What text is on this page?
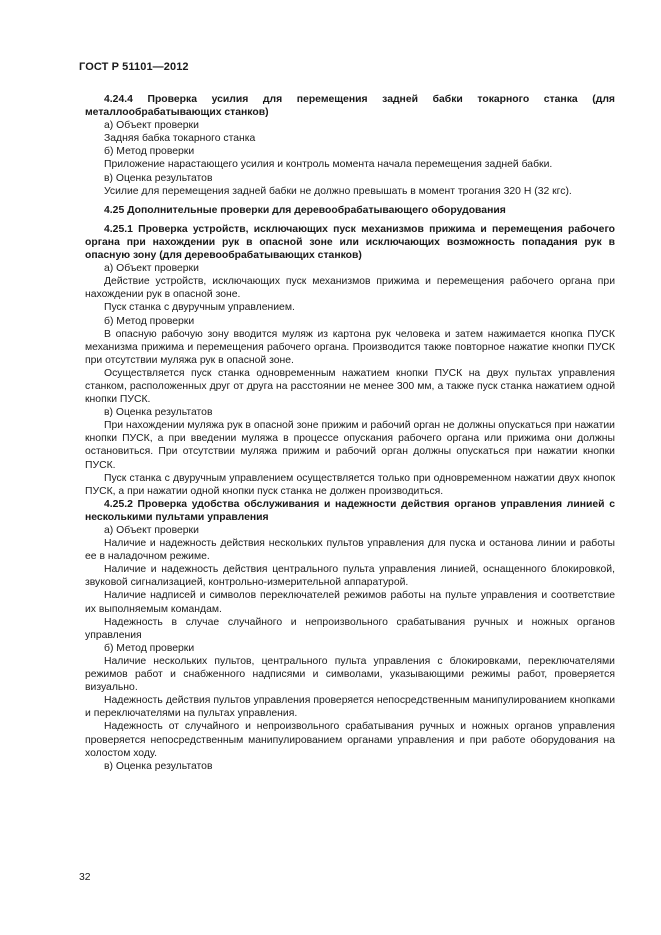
ГОСТ Р 51101—2012

4.24.4 Проверка усилия для перемещения задней бабки токарного станка (для металлообрабатывающих станков)

а) Объект проверки

Задняя бабка токарного станка

б) Метод проверки

Приложение нарастающего усилия и контроль момента начала перемещения задней бабки.

в) Оценка результатов

Усилие для перемещения задней бабки не должно превышать в момент трогания 320 Н (32 кгс).

4.25 Дополнительные проверки для деревообрабатывающего оборудования

4.25.1 Проверка устройств, исключающих пуск механизмов прижима и перемещения рабочего органа при нахождении рук в опасной зоне или исключающих возможность попадания рук в опасную зону (для деревообрабатывающих станков)

а) Объект проверки

Действие устройств, исключающих пуск механизмов прижима и перемещения рабочего органа при нахождении рук в опасной зоне.

Пуск станка с двуручным управлением.

б) Метод проверки

В опасную рабочую зону вводится муляж из картона рук человека и затем нажимается кнопка ПУСК механизма прижима и перемещения рабочего органа. Производится также повторное нажатие кнопки ПУСК при отсутствии муляжа рук в опасной зоне.

Осуществляется пуск станка одновременным нажатием кнопки ПУСК на двух пультах управления станком, расположенных друг от друга на расстоянии не менее 300 мм, а также пуск станка нажатием одной кнопки ПУСК.

в) Оценка результатов

При нахождении муляжа рук в опасной зоне прижим и рабочий орган не должны опускаться при нажатии кнопки ПУСК, а при введении муляжа в процессе опускания рабочего органа или прижима они должны остановиться. При отсутствии муляжа прижим и рабочий орган должны опускаться при нажатии кнопки ПУСК.

Пуск станка с двуручным управлением осуществляется только при одновременном нажатии двух кнопок ПУСК, а при нажатии одной кнопки пуск станка не должен производиться.

4.25.2 Проверка удобства обслуживания и надежности действия органов управления линией с несколькими пультами управления

а) Объект проверки

Наличие и надежность действия нескольких пультов управления для пуска и останова линии и работы ее в наладочном режиме.

Наличие и надежность действия центрального пульта управления линией, оснащенного блокировкой, звуковой сигнализацией, контрольно-измерительной аппаратурой.

Наличие надписей и символов переключателей режимов работы на пульте управления и соответствие их выполняемым командам.

Надежность в случае случайного и непроизвольного срабатывания ручных и ножных органов управления

б) Метод проверки

Наличие нескольких пультов, центрального пульта управления с блокировками, переключателями режимов работ и снабженного надписями и символами, указывающими режимы работ, проверяется визуально.

Надежность действия пультов управления проверяется непосредственным манипулированием кнопками и переключателями на пультах управления.

Надежность от случайного и непроизвольного срабатывания ручных и ножных органов управления проверяется непосредственным манипулированием органами управления и при работе оборудования на холостом ходу.

в) Оценка результатов

32
